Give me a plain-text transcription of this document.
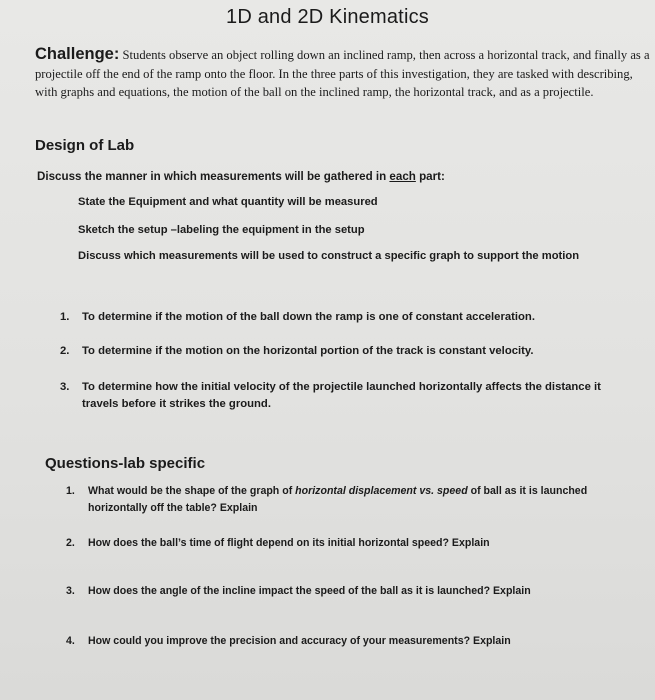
1D and 2D Kinematics
Challenge: Students observe an object rolling down an inclined ramp, then across a horizontal track, and finally as a projectile off the end of the ramp onto the floor. In the three parts of this investigation, they are tasked with describing, with graphs and equations, the motion of the ball on the inclined ramp, the horizontal track, and as a projectile.
Design of Lab
Discuss the manner in which measurements will be gathered in each part:
State the Equipment and what quantity will be measured
Sketch the setup –labeling the equipment in the setup
Discuss which measurements will be used to construct a specific graph to support the motion
1. To determine if the motion of the ball down the ramp is one of constant acceleration.
2. To determine if the motion on the horizontal portion of the track is constant velocity.
3. To determine how the initial velocity of the projectile launched horizontally affects the distance it
travels before it strikes the ground.
Questions-lab specific
1. What would be the shape of the graph of horizontal displacement vs. speed of ball as it is launched
horizontally off the table? Explain
2. How does the ball’s time of flight depend on its initial horizontal speed? Explain
3. How does the angle of the incline impact the speed of the ball as it is launched? Explain
4. How could you improve the precision and accuracy of your measurements? Explain
